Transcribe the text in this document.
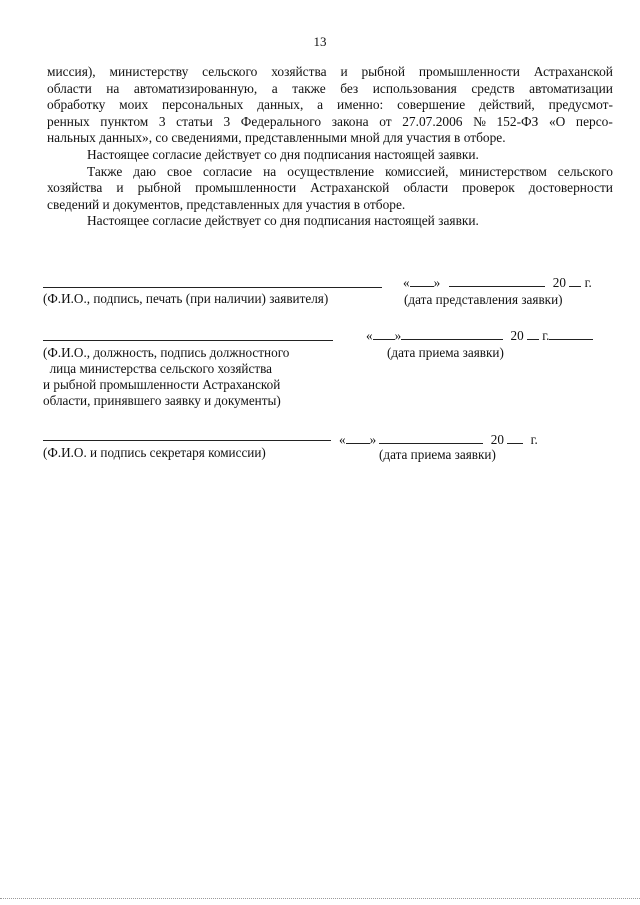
13
миссия), министерству сельского хозяйства и рыбной промышленности Астраханской
области на автоматизированную, а также без использования средств автоматизации
обработку моих персональных данных, а именно: совершение действий, предусмот-
ренных пунктом 3 статьи 3 Федерального закона от 27.07.2006 № 152-ФЗ «О персо-
нальных данных», со сведениями, представленными мной для участия в отборе.
Настоящее согласие действует со дня подписания настоящей заявки.
Также даю свое согласие на осуществление комиссией, министерством сельского
хозяйства и рыбной промышленности Астраханской области проверок достоверности
сведений и документов, представленных для участия в отборе.
Настоящее согласие действует со дня подписания настоящей заявки.
(Ф.И.О., подпись, печать (при наличии) заявителя)
« »	20 г.
(дата представления заявки)
(Ф.И.О., должность, подпись должностного
лица министерства сельского хозяйства
и рыбной промышленности Астраханской
области, принявшего заявку и документы)
« »	20 г.
(дата приема заявки)
(Ф.И.О. и подпись секретаря комиссии)
« »	20 г.
(дата приема заявки)
